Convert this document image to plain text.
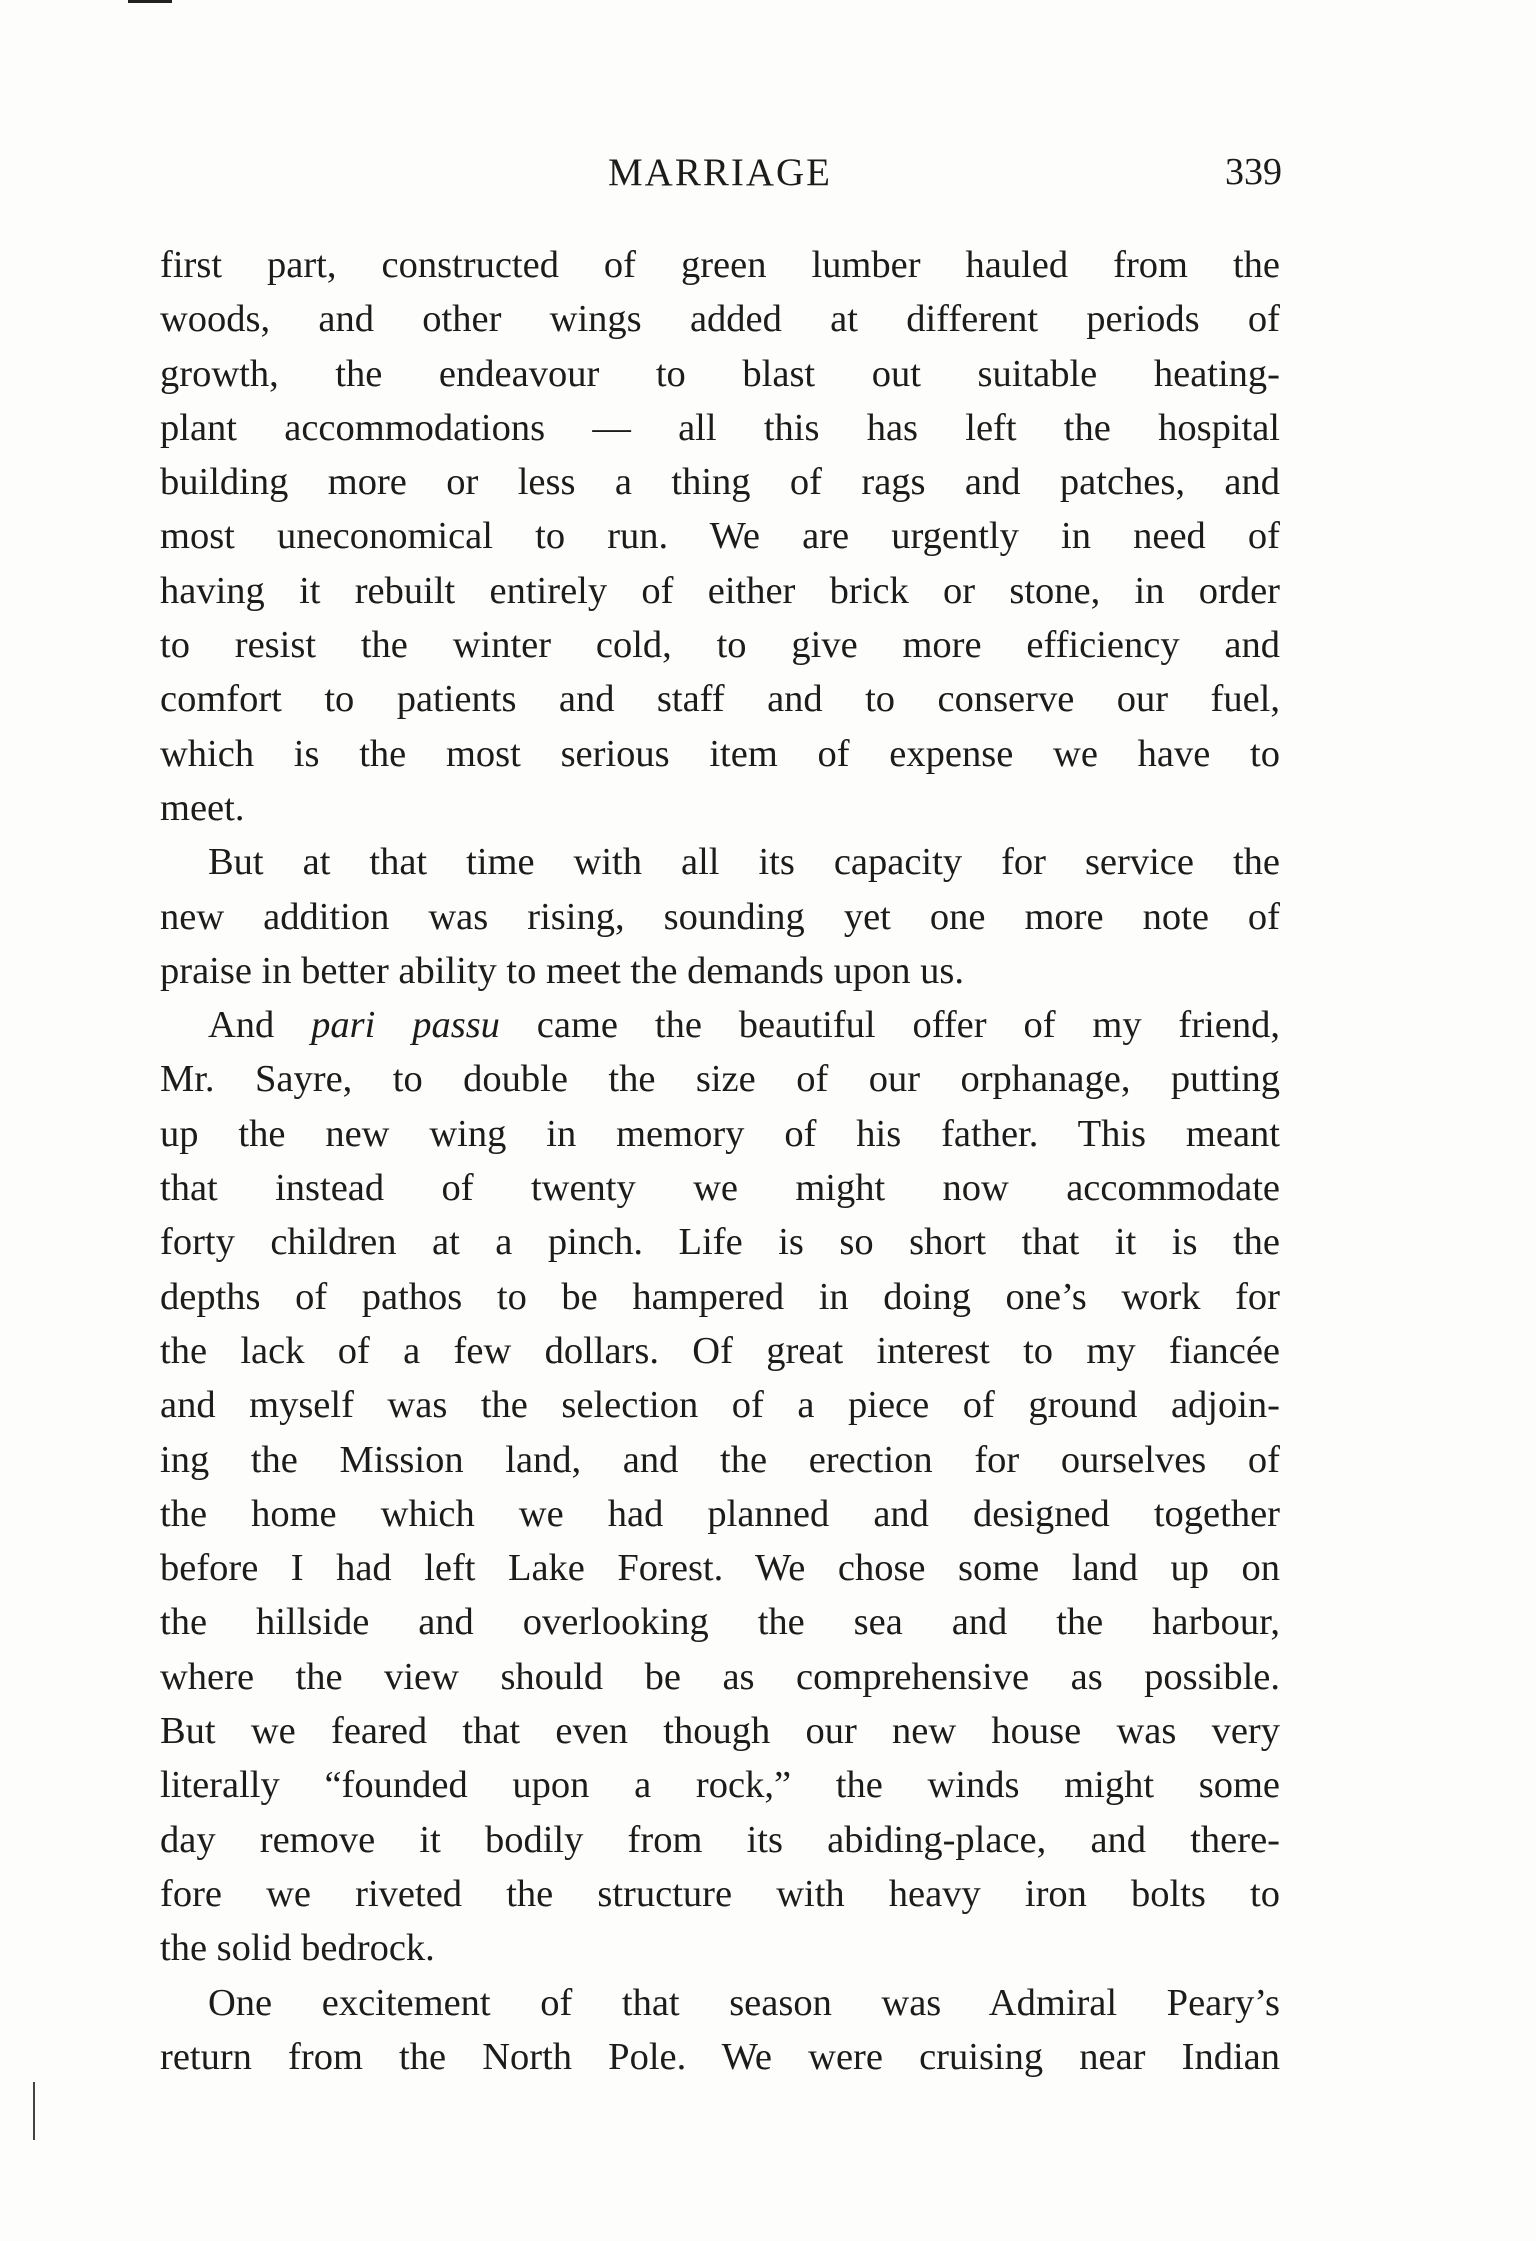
MARRIAGE	339
first part, constructed of green lumber hauled from the
woods, and other wings added at different periods of
growth, the endeavour to blast out suitable heating-
plant accommodations — all this has left the hospital
building more or less a thing of rags and patches, and
most uneconomical to run. We are urgently in need of
having it rebuilt entirely of either brick or stone, in order
to resist the winter cold, to give more efficiency and
comfort to patients and staff and to conserve our fuel,
which is the most serious item of expense we have to
meet.
But at that time with all its capacity for service the
new addition was rising, sounding yet one more note of
praise in better ability to meet the demands upon us.
And pari passu came the beautiful offer of my friend,
Mr. Sayre, to double the size of our orphanage, putting
up the new wing in memory of his father. This meant
that instead of twenty we might now accommodate
forty children at a pinch. Life is so short that it is the
depths of pathos to be hampered in doing one’s work for
the lack of a few dollars. Of great interest to my fiancée
and myself was the selection of a piece of ground adjoin-
ing the Mission land, and the erection for ourselves of
the home which we had planned and designed together
before I had left Lake Forest. We chose some land up on
the hillside and overlooking the sea and the harbour,
where the view should be as comprehensive as possible.
But we feared that even though our new house was very
literally “founded upon a rock,” the winds might some
day remove it bodily from its abiding-place, and there-
fore we riveted the structure with heavy iron bolts to
the solid bedrock.
One excitement of that season was Admiral Peary’s
return from the North Pole. We were cruising near Indian
